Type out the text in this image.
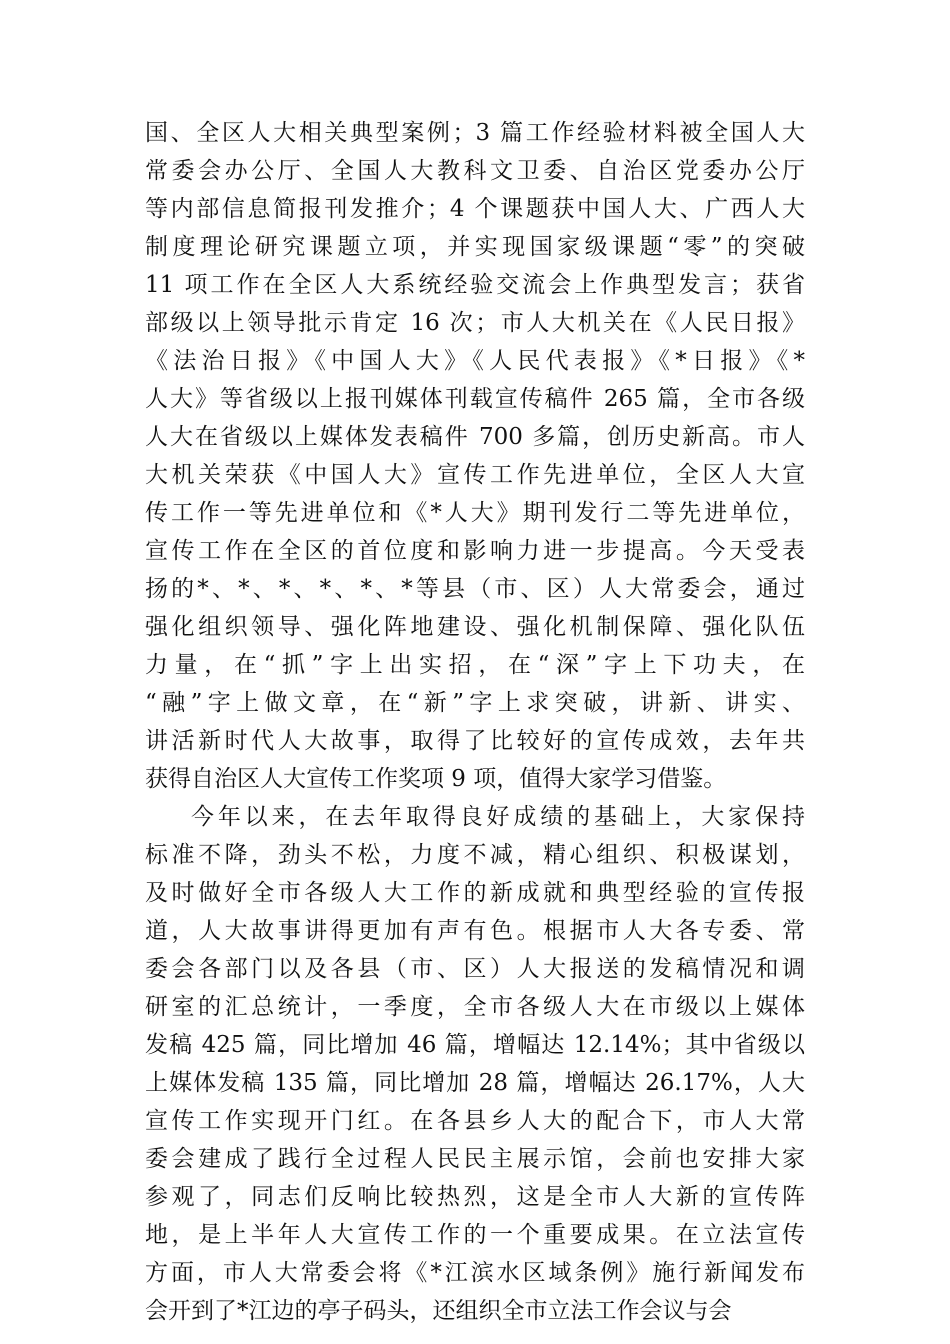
国、全区人大相关典型案例；3 篇工作经验材料被全国人大
常委会办公厅、全国人大教科文卫委、自治区党委办公厅
等内部信息简报刊发推介；4 个课题获中国人大、广西人大
制度理论研究课题立项，并实现国家级课题“零”的突破
11 项工作在全区人大系统经验交流会上作典型发言；获省
部级以上领导批示肯定 16 次；市人大机关在《人民日报》
《法治日报》《中国人大》《人民代表报》《*日报》《*
人大》等省级以上报刊媒体刊载宣传稿件 265 篇，全市各级
人大在省级以上媒体发表稿件 700 多篇，创历史新高。市人
大机关荣获《中国人大》宣传工作先进单位，全区人大宣
传工作一等先进单位和《*人大》期刊发行二等先进单位，
宣传工作在全区的首位度和影响力进一步提高。今天受表
扬的*、*、*、*、*、*等县（市、区）人大常委会，通过
强化组织领导、强化阵地建设、强化机制保障、强化队伍
力量，在“抓”字上出实招，在“深”字上下功夫，在
“融”字上做文章，在“新”字上求突破，讲新、讲实、
讲活新时代人大故事，取得了比较好的宣传成效，去年共
获得自治区人大宣传工作奖项 9 项，值得大家学习借鉴。
今年以来，在去年取得良好成绩的基础上，大家保持
标准不降，劲头不松，力度不减，精心组织、积极谋划，
及时做好全市各级人大工作的新成就和典型经验的宣传报
道，人大故事讲得更加有声有色。根据市人大各专委、常
委会各部门以及各县（市、区）人大报送的发稿情况和调
研室的汇总统计，一季度，全市各级人大在市级以上媒体
发稿 425 篇，同比增加 46 篇，增幅达 12.14%；其中省级以
上媒体发稿 135 篇，同比增加 28 篇，增幅达 26.17%，人大
宣传工作实现开门红。在各县乡人大的配合下，市人大常
委会建成了践行全过程人民民主展示馆，会前也安排大家
参观了，同志们反响比较热烈，这是全市人大新的宣传阵
地，是上半年人大宣传工作的一个重要成果。在立法宣传
方面，市人大常委会将《*江滨水区域条例》施行新闻发布
会开到了*江边的亭子码头，还组织全市立法工作会议与会
